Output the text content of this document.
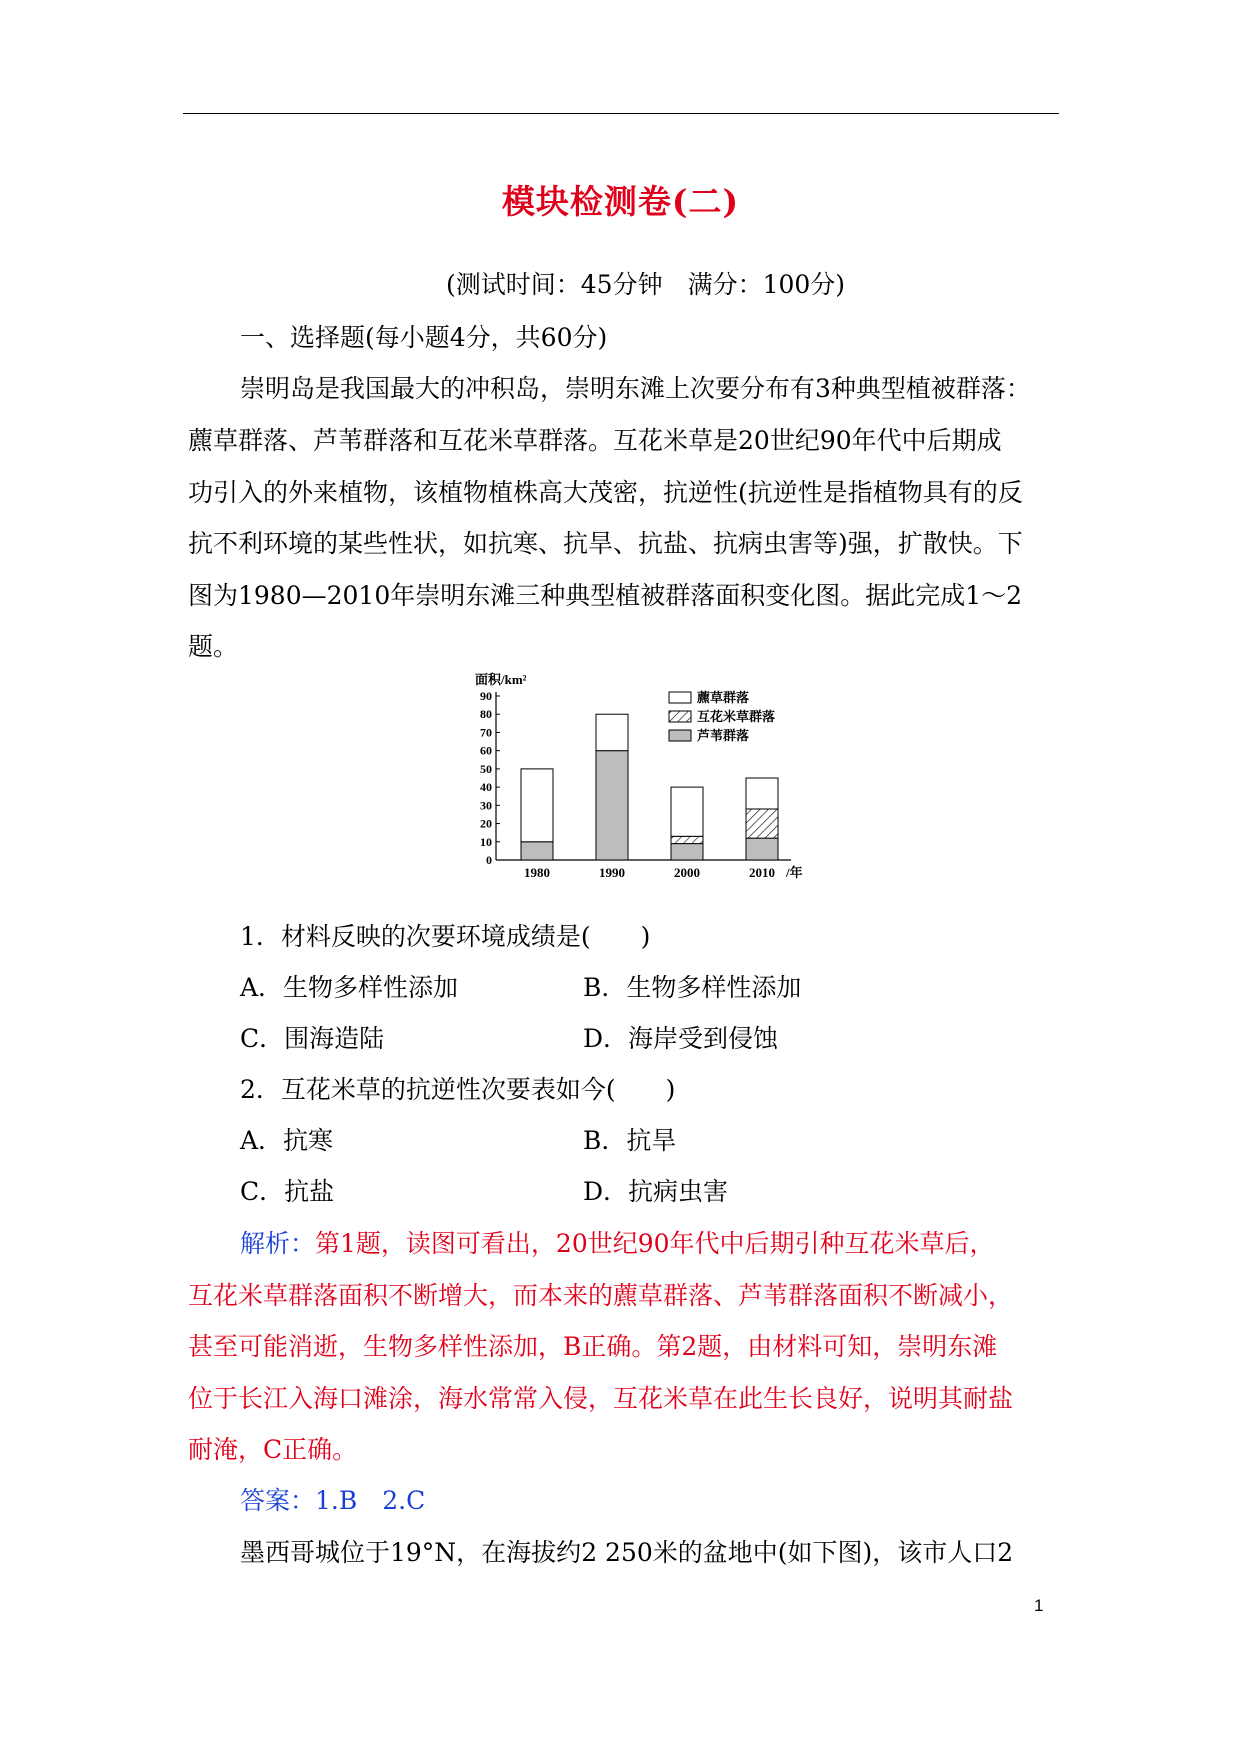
模块检测卷(二)
(测试时间：45分钟　满分：100分)
一、选择题(每小题4分，共60分)
崇明岛是我国最大的冲积岛，崇明东滩上次要分布有3种典型植被群落：
藨草群落、芦苇群落和互花米草群落。互花米草是20世纪90年代中后期成
功引入的外来植物，该植物植株高大茂密，抗逆性(抗逆性是指植物具有的反
抗不利环境的某些性状，如抗寒、抗旱、抗盐、抗病虫害等)强，扩散快。下
图为1980—2010年崇明东滩三种典型植被群落面积变化图。据此完成1～2
题。
面积/km²
0
10
20
30
40
50
60
70
80
90
1980	1990	2000	2010 /年
藨草群落
互花米草群落
芦苇群落
1．材料反映的次要环境成绩是(　　)
A．生物多样性添加	B．生物多样性添加
C．围海造陆	D．海岸受到侵蚀
2．互花米草的抗逆性次要表如今(　　)
A．抗寒	B．抗旱
C．抗盐	D．抗病虫害
解析：第1题，读图可看出，20世纪90年代中后期引种互花米草后，
互花米草群落面积不断增大，而本来的藨草群落、芦苇群落面积不断减小，
甚至可能消逝，生物多样性添加，B正确。第2题，由材料可知，崇明东滩
位于长江入海口滩涂，海水常常入侵，互花米草在此生长良好，说明其耐盐
耐淹，C正确。
答案：1.B　2.C
墨西哥城位于19°N，在海拔约2 250米的盆地中(如下图)，该市人口2
1
